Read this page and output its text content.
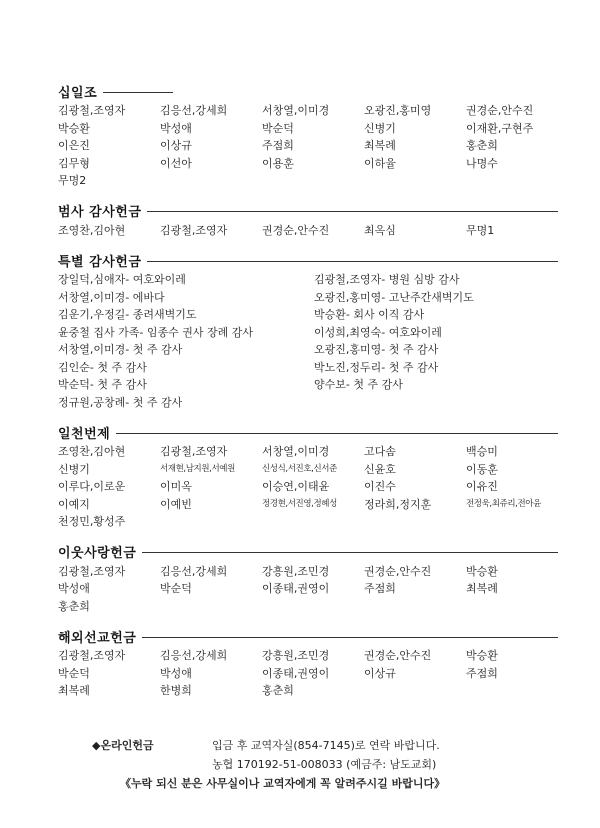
십일조
김광철,조영자	김응선,강세희	서창열,이미경	오광진,홍미영	권경순,안수진
박승환	박성애	박순덕	신병기	이재환,구현주
이은진	이상규	주점희	최복례	홍춘희
김무형	이선아	이용훈	이하율	나명수
무명2
범사 감사헌금
조영찬,김아현	김광철,조영자	권경순,안수진	최옥심	무명1
특별 감사헌금
장일덕,심애자- 여호와이레	김광철,조영자- 병원 심방 감사
서창열,이미경- 에바다	오광진,홍미영- 고난주간새벽기도
김운기,우정길- 종려새벽기도	박승환- 회사 이직 감사
윤중철 집사 가족- 임종수 권사 장례 감사	이성희,최영숙- 여호와이레
서창열,이미경- 첫 주 감사	오광진,홍미영- 첫 주 감사
김인순- 첫 주 감사	박노진,정두리- 첫 주 감사
박순덕- 첫 주 감사	양수보- 첫 주 감사
정규원,공창례- 첫 주 감사
일천번제
조영찬,김아현	김광철,조영자	서창열,이미경	고다솜	백승미
신병기	서재현,남지원,서예원	신성식,서진호,신서준	신윤호	이동훈
이루다,이로운	이미옥	이승연,이태윤	이진수	이유진
이예지	이예빈	정경현,서진영,정혜성	정라희,정지훈	전정욱,최쥬리,전아윤
천정민,황성주
이웃사랑헌금
김광철,조영자	김응선,강세희	강흥원,조민경	권경순,안수진	박승환
박성애	박순덕	이종태,권영이	주점희	최복례
홍춘희
해외선교헌금
김광철,조영자	김응선,강세희	강흥원,조민경	권경순,안수진	박승환
박순덕	박성애	이종태,권영이	이상규	주점희
최복례	한병희	홍춘희
◆온라인헌금	입금 후 교역자실(854-7145)로 연락 바랍니다.
농협 170192-51-008033 (예금주: 남도교회)
《누락 되신 분은 사무실이나 교역자에게 꼭 알려주시길 바랍니다》
